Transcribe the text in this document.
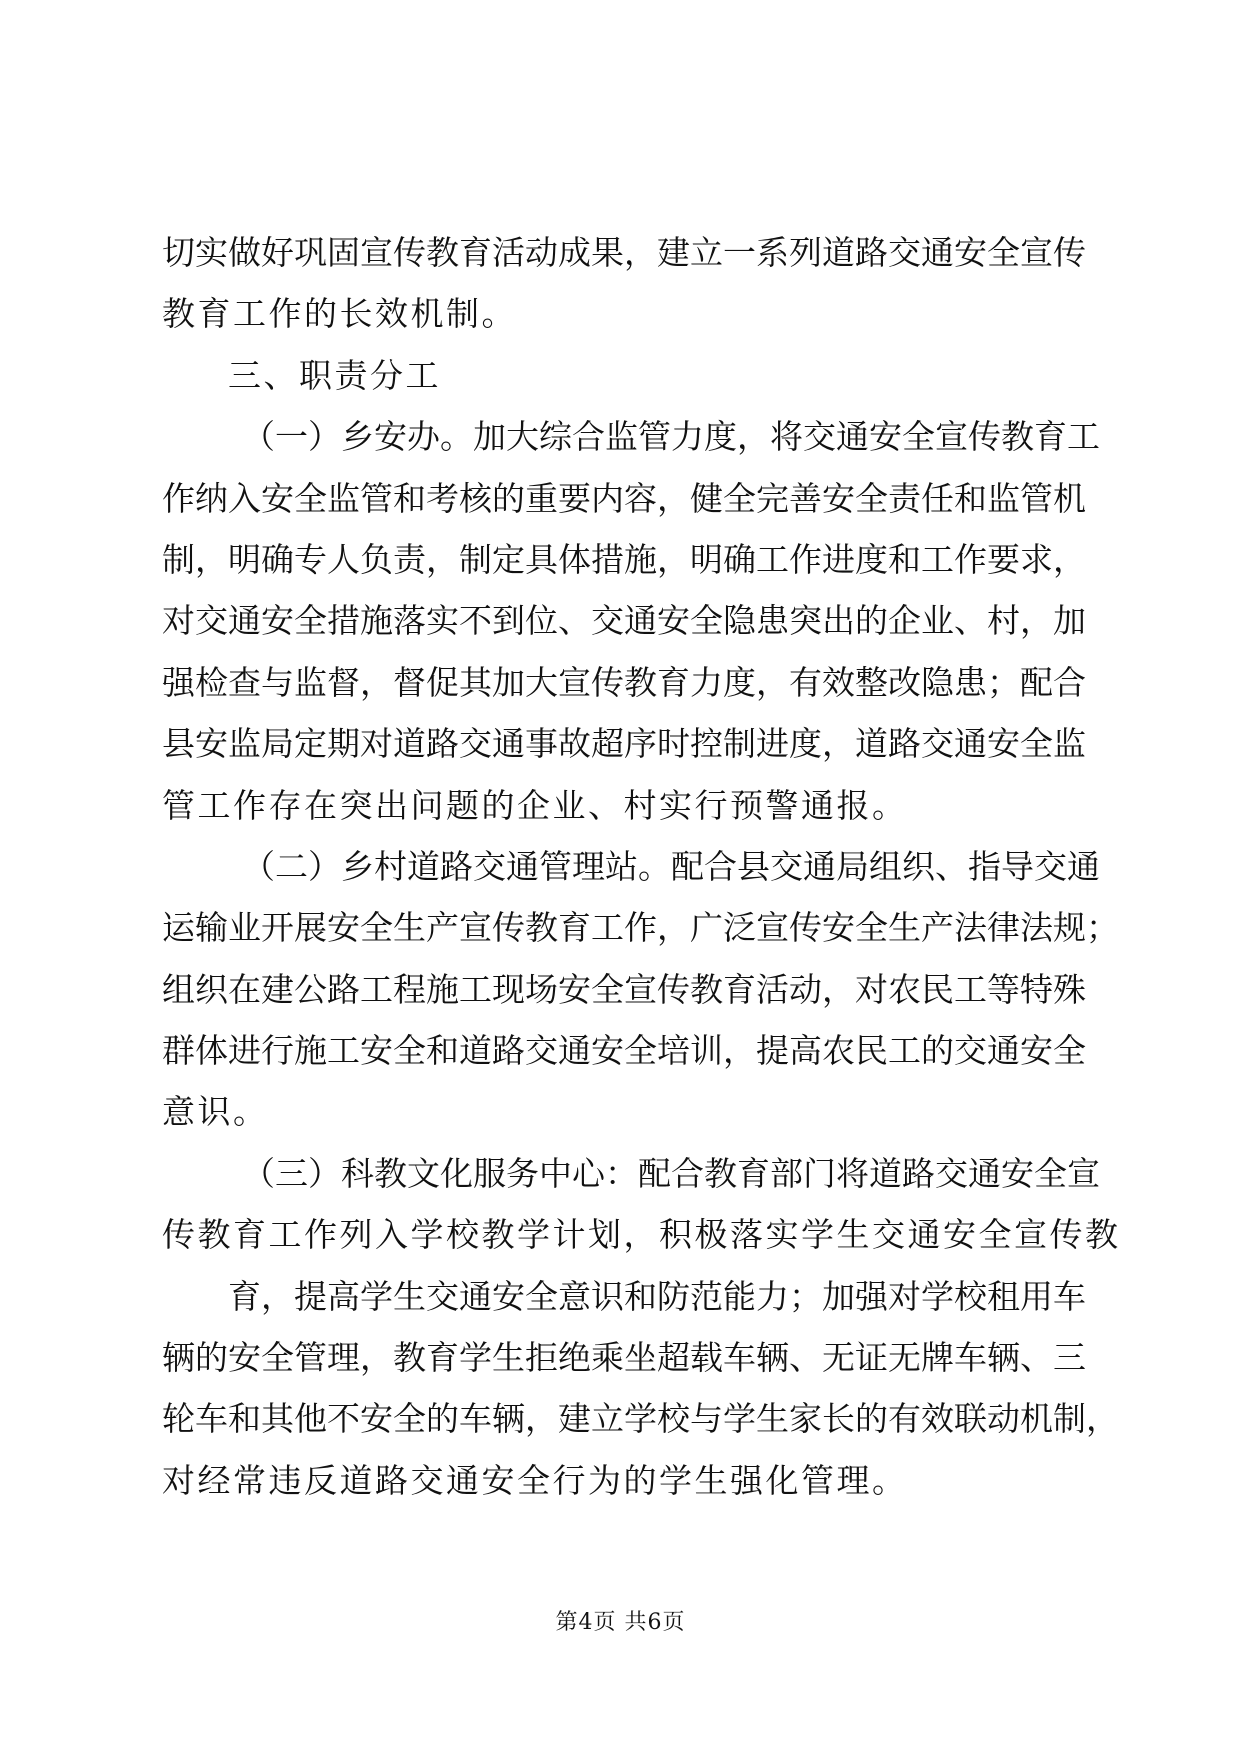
切实做好巩固宣传教育活动成果，建立一系列道路交通安全宣传
教育工作的长效机制。
三、职责分工
（一）乡安办。加大综合监管力度，将交通安全宣传教育工
作纳入安全监管和考核的重要内容，健全完善安全责任和监管机
制，明确专人负责，制定具体措施，明确工作进度和工作要求，
对交通安全措施落实不到位、交通安全隐患突出的企业、村，加
强检查与监督，督促其加大宣传教育力度，有效整改隐患；配合
县安监局定期对道路交通事故超序时控制进度，道路交通安全监
管工作存在突出问题的企业、村实行预警通报。
（二）乡村道路交通管理站。配合县交通局组织、指导交通
运输业开展安全生产宣传教育工作，广泛宣传安全生产法律法规；
组织在建公路工程施工现场安全宣传教育活动，对农民工等特殊
群体进行施工安全和道路交通安全培训，提高农民工的交通安全
意识。
（三）科教文化服务中心：配合教育部门将道路交通安全宣
传教育工作列入学校教学计划，积极落实学生交通安全宣传教
育，提高学生交通安全意识和防范能力；加强对学校租用车
辆的安全管理，教育学生拒绝乘坐超载车辆、无证无牌车辆、三
轮车和其他不安全的车辆，建立学校与学生家长的有效联动机制，
对经常违反道路交通安全行为的学生强化管理。
第4页 共6页
